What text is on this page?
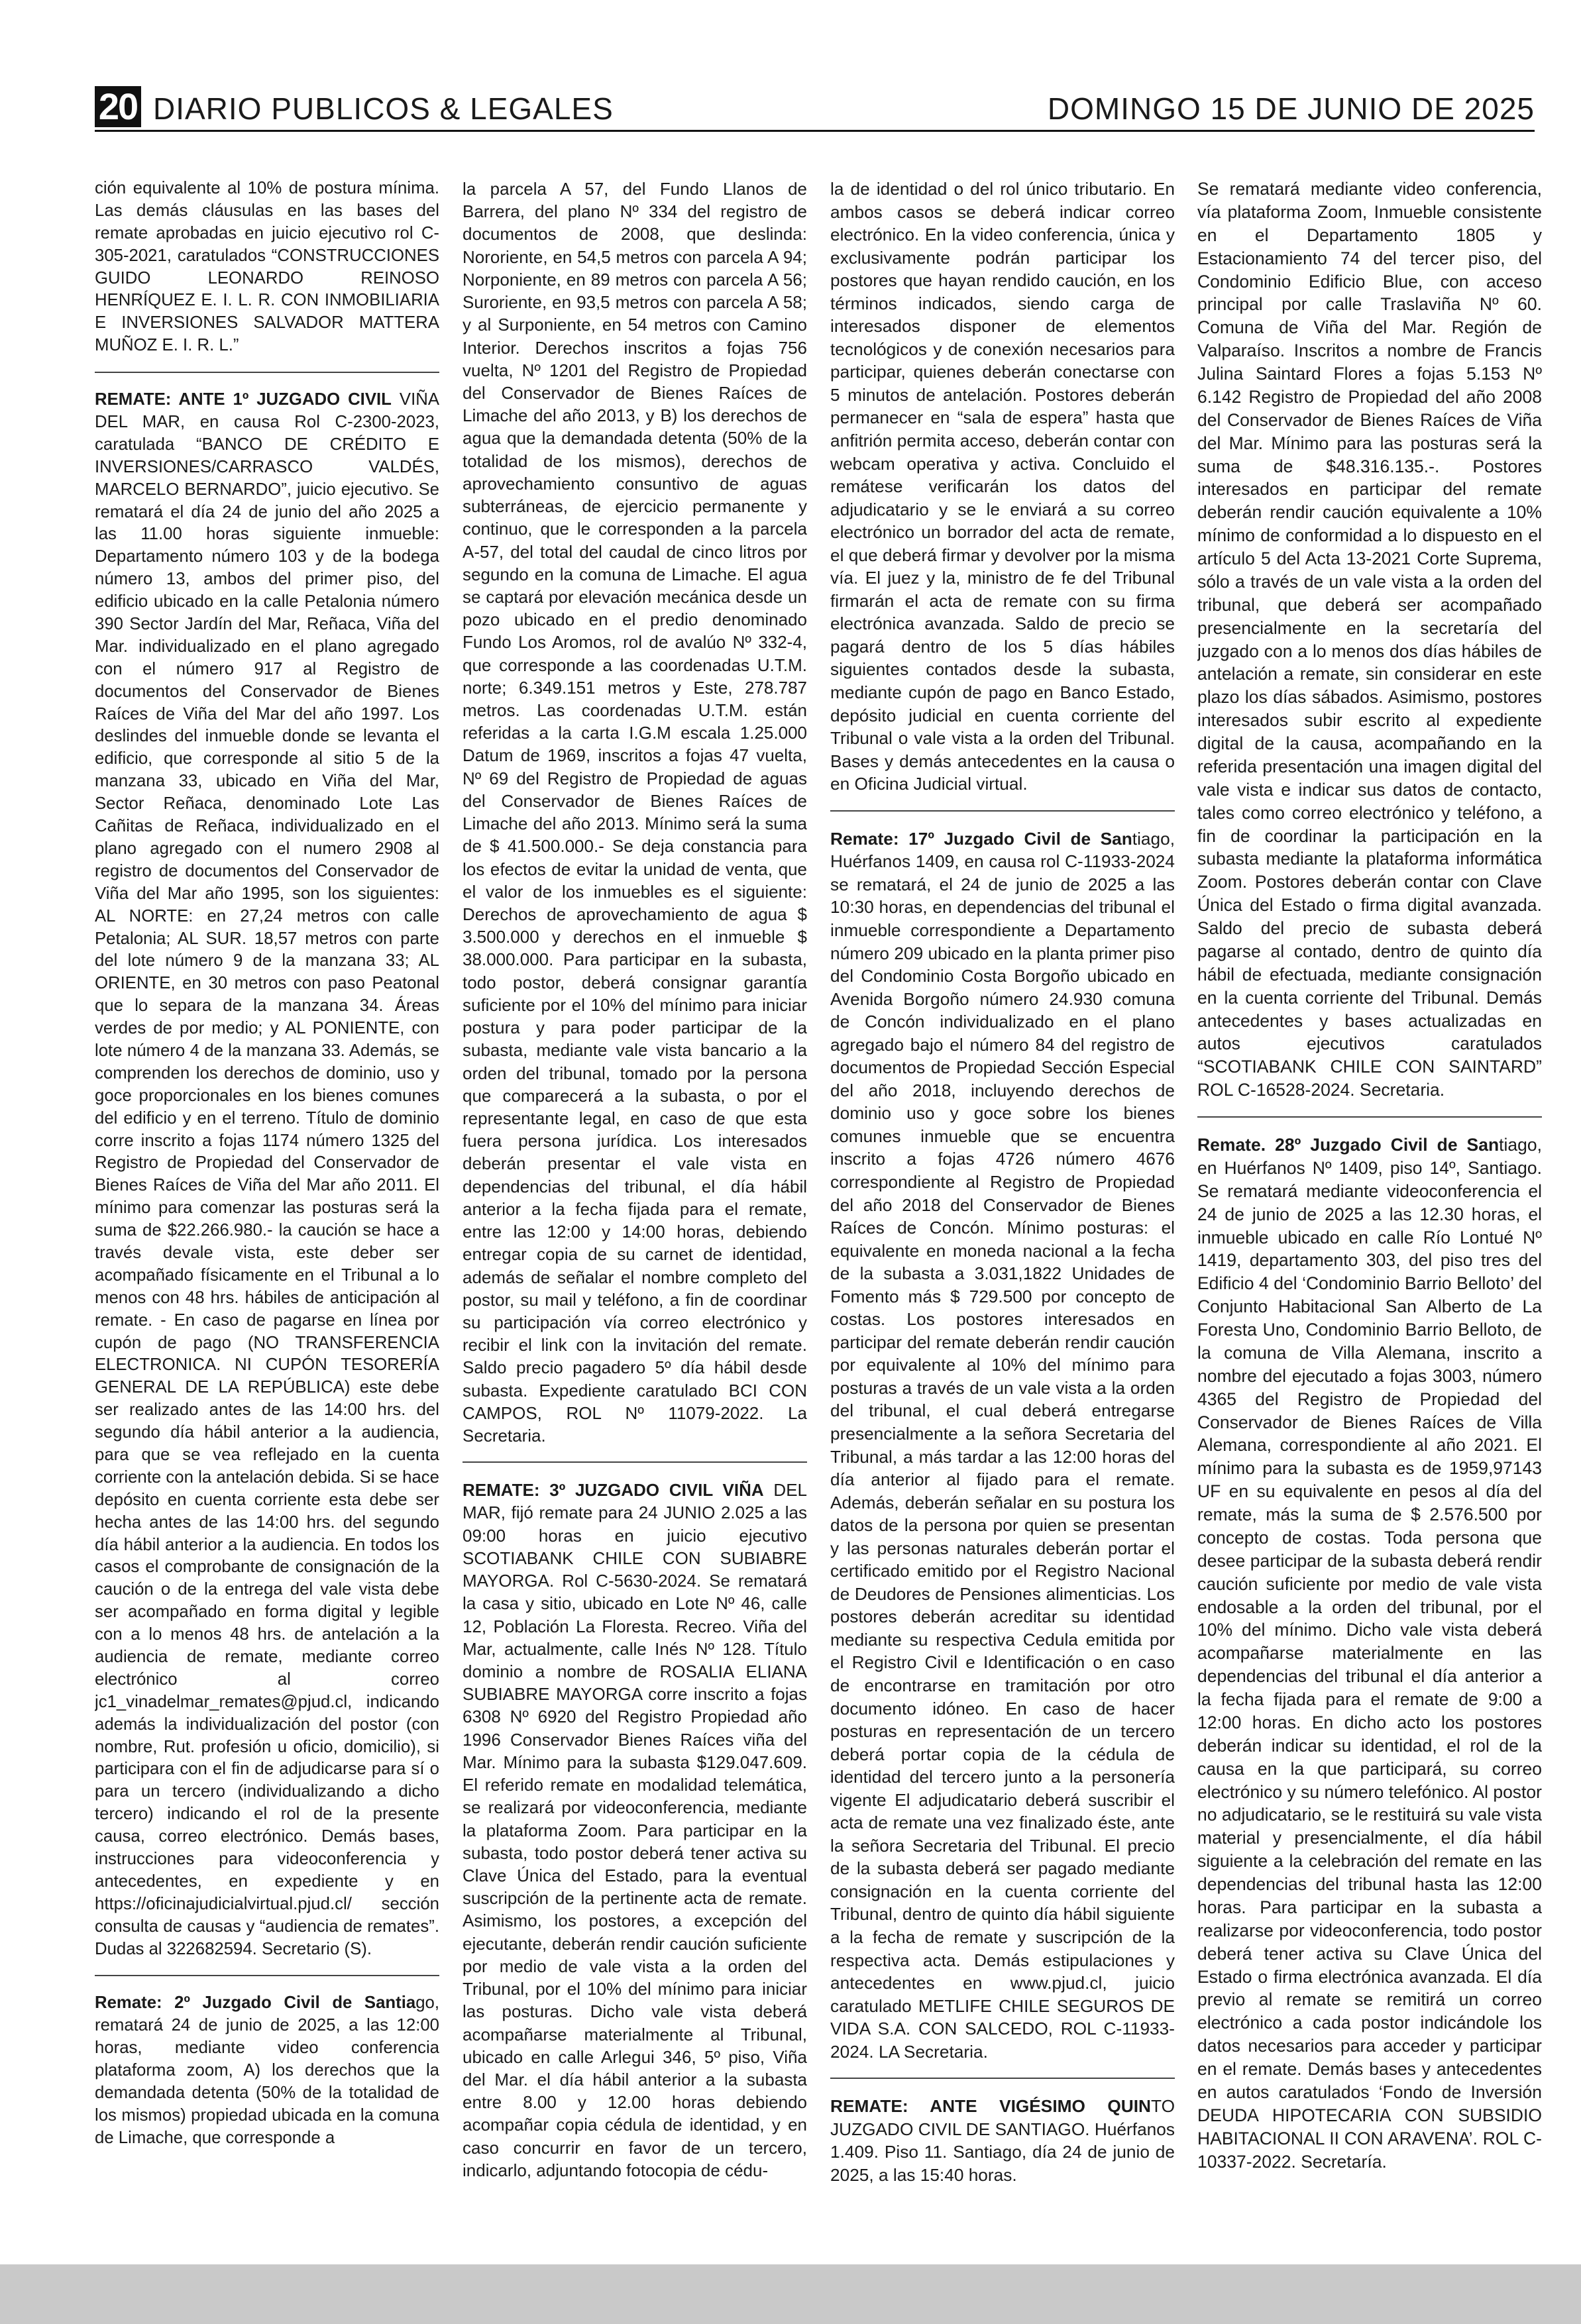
20 DIARIO PUBLICOS & LEGALES	DOMINGO 15 DE JUNIO DE 2025

ción equivalente al 10% de postura mínima. Las demás cláusulas en las bases del remate aprobadas en juicio ejecutivo rol C-305-2021, caratulados “CONSTRUCCIONES GUIDO LEONARDO REINOSO HENRÍQUEZ E. I. L. R. CON INMOBILIARIA E INVERSIONES SALVADOR MATTERA MUÑOZ E. I. R. L.”

REMATE: ANTE 1º JUZGADO CIVIL VIÑA DEL MAR, en causa Rol C-2300-2023, caratulada “BANCO DE CRÉDITO E INVERSIONES/CARRASCO VALDÉS, MARCELO BERNARDO”, juicio ejecutivo. Se rematará el día 24 de junio del año 2025 a las 11.00 horas siguiente inmueble: Departamento número 103 y de la bodega número 13, ambos del primer piso, del edificio ubicado en la calle Petalonia número 390 Sector Jardín del Mar, Reñaca, Viña del Mar. individualizado en el plano agregado con el número 917 al Registro de documentos del Conservador de Bienes Raíces de Viña del Mar del año 1997. Los deslindes del inmueble donde se levanta el edificio, que corresponde al sitio 5 de la manzana 33, ubicado en Viña del Mar, Sector Reñaca, denominado Lote Las Cañitas de Reñaca, individualizado en el plano agregado con el numero 2908 al registro de documentos del Conservador de Viña del Mar año 1995, son los siguientes: AL NORTE: en 27,24 metros con calle Petalonia; AL SUR. 18,57 metros con parte del lote número 9 de la manzana 33; AL ORIENTE, en 30 metros con paso Peatonal que lo separa de la manzana 34. Áreas verdes de por medio; y AL PONIENTE, con lote número 4 de la manzana 33. Además, se comprenden los derechos de dominio, uso y goce proporcionales en los bienes comunes del edificio y en el terreno. Título de dominio corre inscrito a fojas 1174 número 1325 del Registro de Propiedad del Conservador de Bienes Raíces de Viña del Mar año 2011. El mínimo para comenzar las posturas será la suma de $22.266.980.- la caución se hace a través devale vista, este deber ser acompañado físicamente en el Tribunal a lo menos con 48 hrs. hábiles de anticipación al remate. - En caso de pagarse en línea por cupón de pago (NO TRANSFERENCIA ELECTRONICA. NI CUPÓN TESORERÍA GENERAL DE LA REPÚBLICA) este debe ser realizado antes de las 14:00 hrs. del segundo día hábil anterior a la audiencia, para que se vea reflejado en la cuenta corriente con la antelación debida. Si se hace depósito en cuenta corriente esta debe ser hecha antes de las 14:00 hrs. del segundo día hábil anterior a la audiencia. En todos los casos el comprobante de consignación de la caución o de la entrega del vale vista debe ser acompañado en forma digital y legible con a lo menos 48 hrs. de antelación a la audiencia de remate, mediante correo electrónico al correo jc1_vinadelmar_remates@pjud.cl, indicando además la individualización del postor (con nombre, Rut. profesión u oficio, domicilio), si participara con el fin de adjudicarse para sí o para un tercero (individualizando a dicho tercero) indicando el rol de la presente causa, correo electrónico. Demás bases, instrucciones para videoconferencia y antecedentes, en expediente y en https://oficinajudicialvirtual.pjud.cl/ sección consulta de causas y “audiencia de remates”. Dudas al 322682594. Secretario (S).

Remate: 2º Juzgado Civil de Santiago, rematará 24 de junio de 2025, a las 12:00 horas, mediante video conferencia plataforma zoom, A) los derechos que la demandada detenta (50% de la totalidad de los mismos) propiedad ubicada en la comuna de Limache, que corresponde a

la parcela A 57, del Fundo Llanos de Barrera, del plano Nº 334 del registro de documentos de 2008, que deslinda: Nororiente, en 54,5 metros con parcela A 94; Norponiente, en 89 metros con parcela A 56; Suroriente, en 93,5 metros con parcela A 58; y al Surponiente, en 54 metros con Camino Interior. Derechos inscritos a fojas 756 vuelta, Nº 1201 del Registro de Propiedad del Conservador de Bienes Raíces de Limache del año 2013, y B) los derechos de agua que la demandada detenta (50% de la totalidad de los mismos), derechos de aprovechamiento consuntivo de aguas subterráneas, de ejercicio permanente y continuo, que le corresponden a la parcela A-57, del total del caudal de cinco litros por segundo en la comuna de Limache. El agua se captará por elevación mecánica desde un pozo ubicado en el predio denominado Fundo Los Aromos, rol de avalúo Nº 332-4, que corresponde a las coordenadas U.T.M. norte; 6.349.151 metros y Este, 278.787 metros. Las coordenadas U.T.M. están referidas a la carta I.G.M escala 1.25.000 Datum de 1969, inscritos a fojas 47 vuelta, Nº 69 del Registro de Propiedad de aguas del Conservador de Bienes Raíces de Limache del año 2013. Mínimo será la suma de $ 41.500.000.- Se deja constancia para los efectos de evitar la unidad de venta, que el valor de los inmuebles es el siguiente: Derechos de aprovechamiento de agua $ 3.500.000 y derechos en el inmueble $ 38.000.000. Para participar en la subasta, todo postor, deberá consignar garantía suficiente por el 10% del mínimo para iniciar postura y para poder participar de la subasta, mediante vale vista bancario a la orden del tribunal, tomado por la persona que comparecerá a la subasta, o por el representante legal, en caso de que esta fuera persona jurídica. Los interesados deberán presentar el vale vista en dependencias del tribunal, el día hábil anterior a la fecha fijada para el remate, entre las 12:00 y 14:00 horas, debiendo entregar copia de su carnet de identidad, además de señalar el nombre completo del postor, su mail y teléfono, a fin de coordinar su participación vía correo electrónico y recibir el link con la invitación del remate. Saldo precio pagadero 5º día hábil desde subasta. Expediente caratulado BCI CON CAMPOS, ROL Nº 11079-2022. La Secretaria.

REMATE: 3º JUZGADO CIVIL VIÑA DEL MAR, fijó remate para 24 JUNIO 2.025 a las 09:00 horas en juicio ejecutivo SCOTIABANK CHILE CON SUBIABRE MAYORGA. Rol C-5630-2024. Se rematará la casa y sitio, ubicado en Lote Nº 46, calle 12, Población La Floresta. Recreo. Viña del Mar, actualmente, calle Inés Nº 128. Título dominio a nombre de ROSALIA ELIANA SUBIABRE MAYORGA corre inscrito a fojas 6308 Nº 6920 del Registro Propiedad año 1996 Conservador Bienes Raíces viña del Mar. Mínimo para la subasta $129.047.609. El referido remate en modalidad telemática, se realizará por videoconferencia, mediante la plataforma Zoom. Para participar en la subasta, todo postor deberá tener activa su Clave Única del Estado, para la eventual suscripción de la pertinente acta de remate. Asimismo, los postores, a excepción del ejecutante, deberán rendir caución suficiente por medio de vale vista a la orden del Tribunal, por el 10% del mínimo para iniciar las posturas. Dicho vale vista deberá acompañarse materialmente al Tribunal, ubicado en calle Arlegui 346, 5º piso, Viña del Mar. el día hábil anterior a la subasta entre 8.00 y 12.00 horas debiendo acompañar copia cédula de identidad, y en caso concurrir en favor de un tercero, indicarlo, adjuntando fotocopia de cédu-

la de identidad o del rol único tributario. En ambos casos se deberá indicar correo electrónico. En la video conferencia, única y exclusivamente podrán participar los postores que hayan rendido caución, en los términos indicados, siendo carga de interesados disponer de elementos tecnológicos y de conexión necesarios para participar, quienes deberán conectarse con 5 minutos de antelación. Postores deberán permanecer en “sala de espera” hasta que anfitrión permita acceso, deberán contar con webcam operativa y activa. Concluido el remátese verificarán los datos del adjudicatario y se le enviará a su correo electrónico un borrador del acta de remate, el que deberá firmar y devolver por la misma vía. El juez y la, ministro de fe del Tribunal firmarán el acta de remate con su firma electrónica avanzada. Saldo de precio se pagará dentro de los 5 días hábiles siguientes contados desde la subasta, mediante cupón de pago en Banco Estado, depósito judicial en cuenta corriente del Tribunal o vale vista a la orden del Tribunal. Bases y demás antecedentes en la causa o en Oficina Judicial virtual.

Remate: 17º Juzgado Civil de Santiago, Huérfanos 1409, en causa rol C-11933-2024 se rematará, el 24 de junio de 2025 a las 10:30 horas, en dependencias del tribunal el inmueble correspondiente a Departamento número 209 ubicado en la planta primer piso del Condominio Costa Borgoño ubicado en Avenida Borgoño número 24.930 comuna de Concón individualizado en el plano agregado bajo el número 84 del registro de documentos de Propiedad Sección Especial del año 2018, incluyendo derechos de dominio uso y goce sobre los bienes comunes inmueble que se encuentra inscrito a fojas 4726 número 4676 correspondiente al Registro de Propiedad del año 2018 del Conservador de Bienes Raíces de Concón. Mínimo posturas: el equivalente en moneda nacional a la fecha de la subasta a 3.031,1822 Unidades de Fomento más $ 729.500 por concepto de costas. Los postores interesados en participar del remate deberán rendir caución por equivalente al 10% del mínimo para posturas a través de un vale vista a la orden del tribunal, el cual deberá entregarse presencialmente a la señora Secretaria del Tribunal, a más tardar a las 12:00 horas del día anterior al fijado para el remate. Además, deberán señalar en su postura los datos de la persona por quien se presentan y las personas naturales deberán portar el certificado emitido por el Registro Nacional de Deudores de Pensiones alimenticias. Los postores deberán acreditar su identidad mediante su respectiva Cedula emitida por el Registro Civil e Identificación o en caso de encontrarse en tramitación por otro documento idóneo. En caso de hacer posturas en representación de un tercero deberá portar copia de la cédula de identidad del tercero junto a la personería vigente El adjudicatario deberá suscribir el acta de remate una vez finalizado éste, ante la señora Secretaria del Tribunal. El precio de la subasta deberá ser pagado mediante consignación en la cuenta corriente del Tribunal, dentro de quinto día hábil siguiente a la fecha de remate y suscripción de la respectiva acta. Demás estipulaciones y antecedentes en www.pjud.cl, juicio caratulado METLIFE CHILE SEGUROS DE VIDA S.A. CON SALCEDO, ROL C-11933-2024. LA Secretaria.

REMATE: ANTE VIGÉSIMO QUINTO JUZGADO CIVIL DE SANTIAGO. Huérfanos 1.409. Piso 11. Santiago, día 24 de junio de 2025, a las 15:40 horas.

Se rematará mediante video conferencia, vía plataforma Zoom, Inmueble consistente en el Departamento 1805 y Estacionamiento 74 del tercer piso, del Condominio Edificio Blue, con acceso principal por calle Traslaviña Nº 60. Comuna de Viña del Mar. Región de Valparaíso. Inscritos a nombre de Francis Julina Saintard Flores a fojas 5.153 Nº 6.142 Registro de Propiedad del año 2008 del Conservador de Bienes Raíces de Viña del Mar. Mínimo para las posturas será la suma de $48.316.135.-. Postores interesados en participar del remate deberán rendir caución equivalente a 10% mínimo de conformidad a lo dispuesto en el artículo 5 del Acta 13-2021 Corte Suprema, sólo a través de un vale vista a la orden del tribunal, que deberá ser acompañado presencialmente en la secretaría del juzgado con a lo menos dos días hábiles de antelación a remate, sin considerar en este plazo los días sábados. Asimismo, postores interesados subir escrito al expediente digital de la causa, acompañando en la referida presentación una imagen digital del vale vista e indicar sus datos de contacto, tales como correo electrónico y teléfono, a fin de coordinar la participación en la subasta mediante la plataforma informática Zoom. Postores deberán contar con Clave Única del Estado o firma digital avanzada. Saldo del precio de subasta deberá pagarse al contado, dentro de quinto día hábil de efectuada, mediante consignación en la cuenta corriente del Tribunal. Demás antecedentes y bases actualizadas en autos ejecutivos caratulados “SCOTIABANK CHILE CON SAINTARD” ROL C-16528-2024. Secretaria.

Remate. 28º Juzgado Civil de Santiago, en Huérfanos Nº 1409, piso 14º, Santiago. Se rematará mediante videoconferencia el 24 de junio de 2025 a las 12.30 horas, el inmueble ubicado en calle Río Lontué Nº 1419, departamento 303, del piso tres del Edificio 4 del ‘Condominio Barrio Belloto’ del Conjunto Habitacional San Alberto de La Foresta Uno, Condominio Barrio Belloto, de la comuna de Villa Alemana, inscrito a nombre del ejecutado a fojas 3003, número 4365 del Registro de Propiedad del Conservador de Bienes Raíces de Villa Alemana, correspondiente al año 2021. El mínimo para la subasta es de 1959,97143 UF en su equivalente en pesos al día del remate, más la suma de $ 2.576.500 por concepto de costas. Toda persona que desee participar de la subasta deberá rendir caución suficiente por medio de vale vista endosable a la orden del tribunal, por el 10% del mínimo. Dicho vale vista deberá acompañarse materialmente en las dependencias del tribunal el día anterior a la fecha fijada para el remate de 9:00 a 12:00 horas. En dicho acto los postores deberán indicar su identidad, el rol de la causa en la que participará, su correo electrónico y su número telefónico. Al postor no adjudicatario, se le restituirá su vale vista material y presencialmente, el día hábil siguiente a la celebración del remate en las dependencias del tribunal hasta las 12:00 horas. Para participar en la subasta a realizarse por videoconferencia, todo postor deberá tener activa su Clave Única del Estado o firma electrónica avanzada. El día previo al remate se remitirá un correo electrónico a cada postor indicándole los datos necesarios para acceder y participar en el remate. Demás bases y antecedentes en autos caratulados ‘Fondo de Inversión DEUDA HIPOTECARIA CON SUBSIDIO HABITACIONAL II CON ARAVENA’. ROL C-10337-2022. Secretaría.
